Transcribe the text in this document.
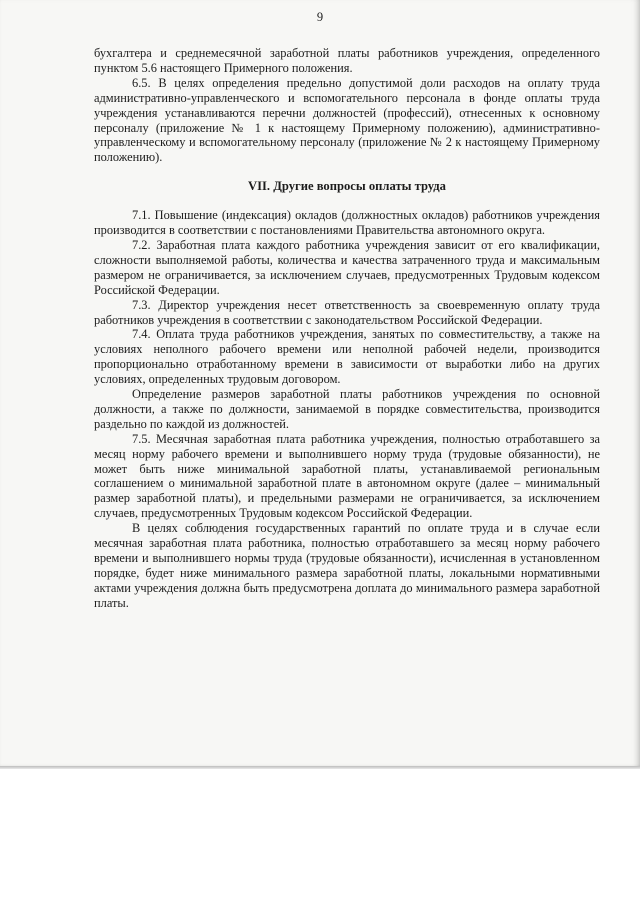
9

бухгалтера и среднемесячной заработной платы работников учреждения, определенного пунктом 5.6 настоящего Примерного положения.

6.5. В целях определения предельно допустимой доли расходов на оплату труда административно-управленческого и вспомогательного персонала в фонде оплаты труда учреждения устанавливаются перечни должностей (профессий), отнесенных к основному персоналу (приложение № 1 к настоящему Примерному положению), административно-управленческому и вспомогательному персоналу (приложение № 2 к настоящему Примерному положению).

VII. Другие вопросы оплаты труда

7.1. Повышение (индексация) окладов (должностных окладов) работников учреждения производится в соответствии с постановлениями Правительства автономного округа.

7.2. Заработная плата каждого работника учреждения зависит от его квалификации, сложности выполняемой работы, количества и качества затраченного труда и максимальным размером не ограничивается, за исключением случаев, предусмотренных Трудовым кодексом Российской Федерации.

7.3. Директор учреждения несет ответственность за своевременную оплату труда работников учреждения в соответствии с законодательством Российской Федерации.

7.4. Оплата труда работников учреждения, занятых по совместительству, а также на условиях неполного рабочего времени или неполной рабочей недели, производится пропорционально отработанному времени в зависимости от выработки либо на других условиях, определенных трудовым договором.

Определение размеров заработной платы работников учреждения по основной должности, а также по должности, занимаемой в порядке совместительства, производится раздельно по каждой из должностей.

7.5. Месячная заработная плата работника учреждения, полностью отработавшего за месяц норму рабочего времени и выполнившего норму труда (трудовые обязанности), не может быть ниже минимальной заработной платы, устанавливаемой региональным соглашением о минимальной заработной плате в автономном округе (далее – минимальный размер заработной платы), и предельными размерами не ограничивается, за исключением случаев, предусмотренных Трудовым кодексом Российской Федерации.

В целях соблюдения государственных гарантий по оплате труда и в случае если месячная заработная плата работника, полностью отработавшего за месяц норму рабочего времени и выполнившего нормы труда (трудовые обязанности), исчисленная в установленном порядке, будет ниже минимального размера заработной платы, локальными нормативными актами учреждения должна быть предусмотрена доплата до минимального размера заработной платы.
